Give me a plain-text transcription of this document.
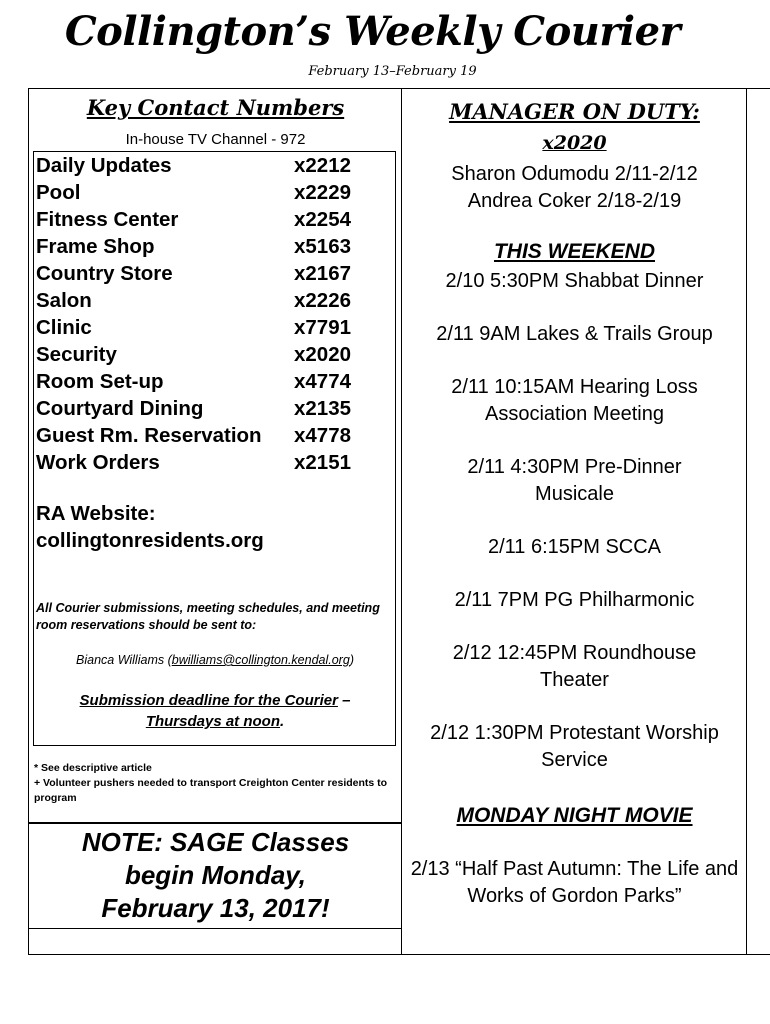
Collington’s Weekly Courier
February 13–February 19
Key Contact Numbers
In-house TV Channel - 972
Daily Updates	x2212
Pool	x2229
Fitness Center	x2254
Frame Shop	x5163
Country Store	x2167
Salon	x2226
Clinic	x7791
Security	x2020
Room Set-up	x4774
Courtyard Dining	x2135
Guest Rm. Reservation x4778
Work Orders	x2151
RA Website:
collingtonresidents.org
All Courier submissions, meeting schedules, and meeting room reservations should be sent to:
Bianca Williams (bwilliams@collington.kendal.org)
Submission deadline for the Courier –
Thursdays at noon.
* See descriptive article
+ Volunteer pushers needed to transport Creighton Center residents to program
NOTE: SAGE Classes
begin Monday,
February 13, 2017!
MANAGER ON DUTY:
x2020
Sharon Odumodu 2/11-2/12
Andrea Coker 2/18-2/19
THIS WEEKEND
2/10 5:30PM Shabbat Dinner
2/11 9AM Lakes & Trails Group
2/11 10:15AM Hearing Loss Association Meeting
2/11 4:30PM Pre-Dinner Musicale
2/11 6:15PM SCCA
2/11 7PM PG Philharmonic
2/12 12:45PM Roundhouse Theater
2/12 1:30PM Protestant Worship Service
MONDAY NIGHT MOVIE
2/13 “Half Past Autumn: The Life and Works of Gordon Parks”
